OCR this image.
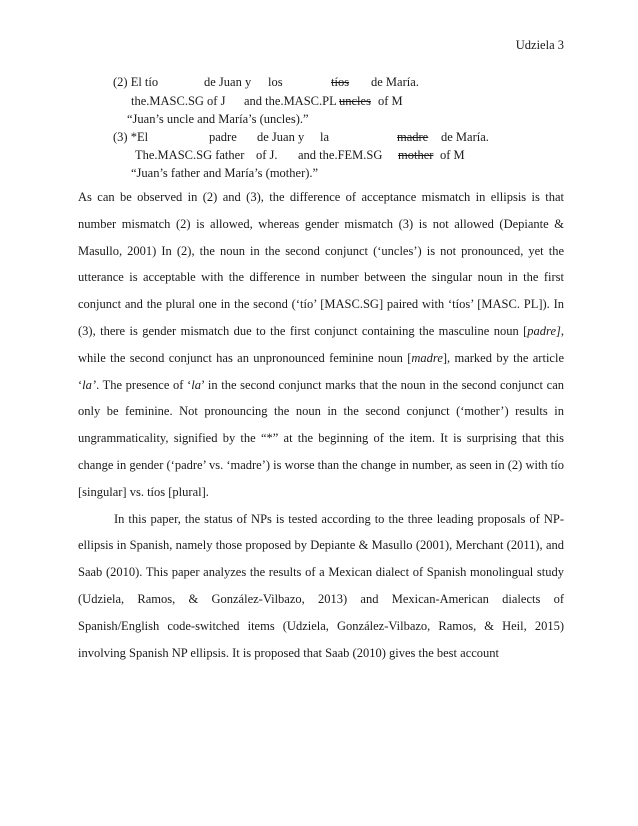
Udziela 3
(2) El tío	de Juan y los	tíos de María.
the.MASC.SG of J and the.MASC.PL uncles of M
“Juan’s uncle and María’s (uncles).”
(3) *El	padre de Juan y la	madre de María.
The.MASC.SG father of J. and the.FEM.SG mother of M
“Juan’s father and María’s (mother).”

As can be observed in (2) and (3), the difference of acceptance mismatch in ellipsis is that number mismatch (2) is allowed, whereas gender mismatch (3) is not allowed (Depiante & Masullo, 2001) In (2), the noun in the second conjunct (‘uncles’) is not pronounced, yet the utterance is acceptable with the difference in number between the singular noun in the first conjunct and the plural one in the second (‘tío’ [MASC.SG] paired with ‘tíos’ [MASC. PL]). In (3), there is gender mismatch due to the first conjunct containing the masculine noun [padre], while the second conjunct has an unpronounced feminine noun [madre], marked by the article ‘la’. The presence of ‘la’ in the second conjunct marks that the noun in the second conjunct can only be feminine. Not pronouncing the noun in the second conjunct (‘mother’) results in ungrammaticality, signified by the “*” at the beginning of the item. It is surprising that this change in gender (‘padre’ vs. ‘madre’) is worse than the change in number, as seen in (2) with tío [singular] vs. tíos [plural].

In this paper, the status of NPs is tested according to the three leading proposals of NP-ellipsis in Spanish, namely those proposed by Depiante & Masullo (2001), Merchant (2011), and Saab (2010). This paper analyzes the results of a Mexican dialect of Spanish monolingual study (Udziela, Ramos, & González-Vilbazo, 2013) and Mexican-American dialects of Spanish/English code-switched items (Udziela, González-Vilbazo, Ramos, & Heil, 2015) involving Spanish NP ellipsis. It is proposed that Saab (2010) gives the best account
